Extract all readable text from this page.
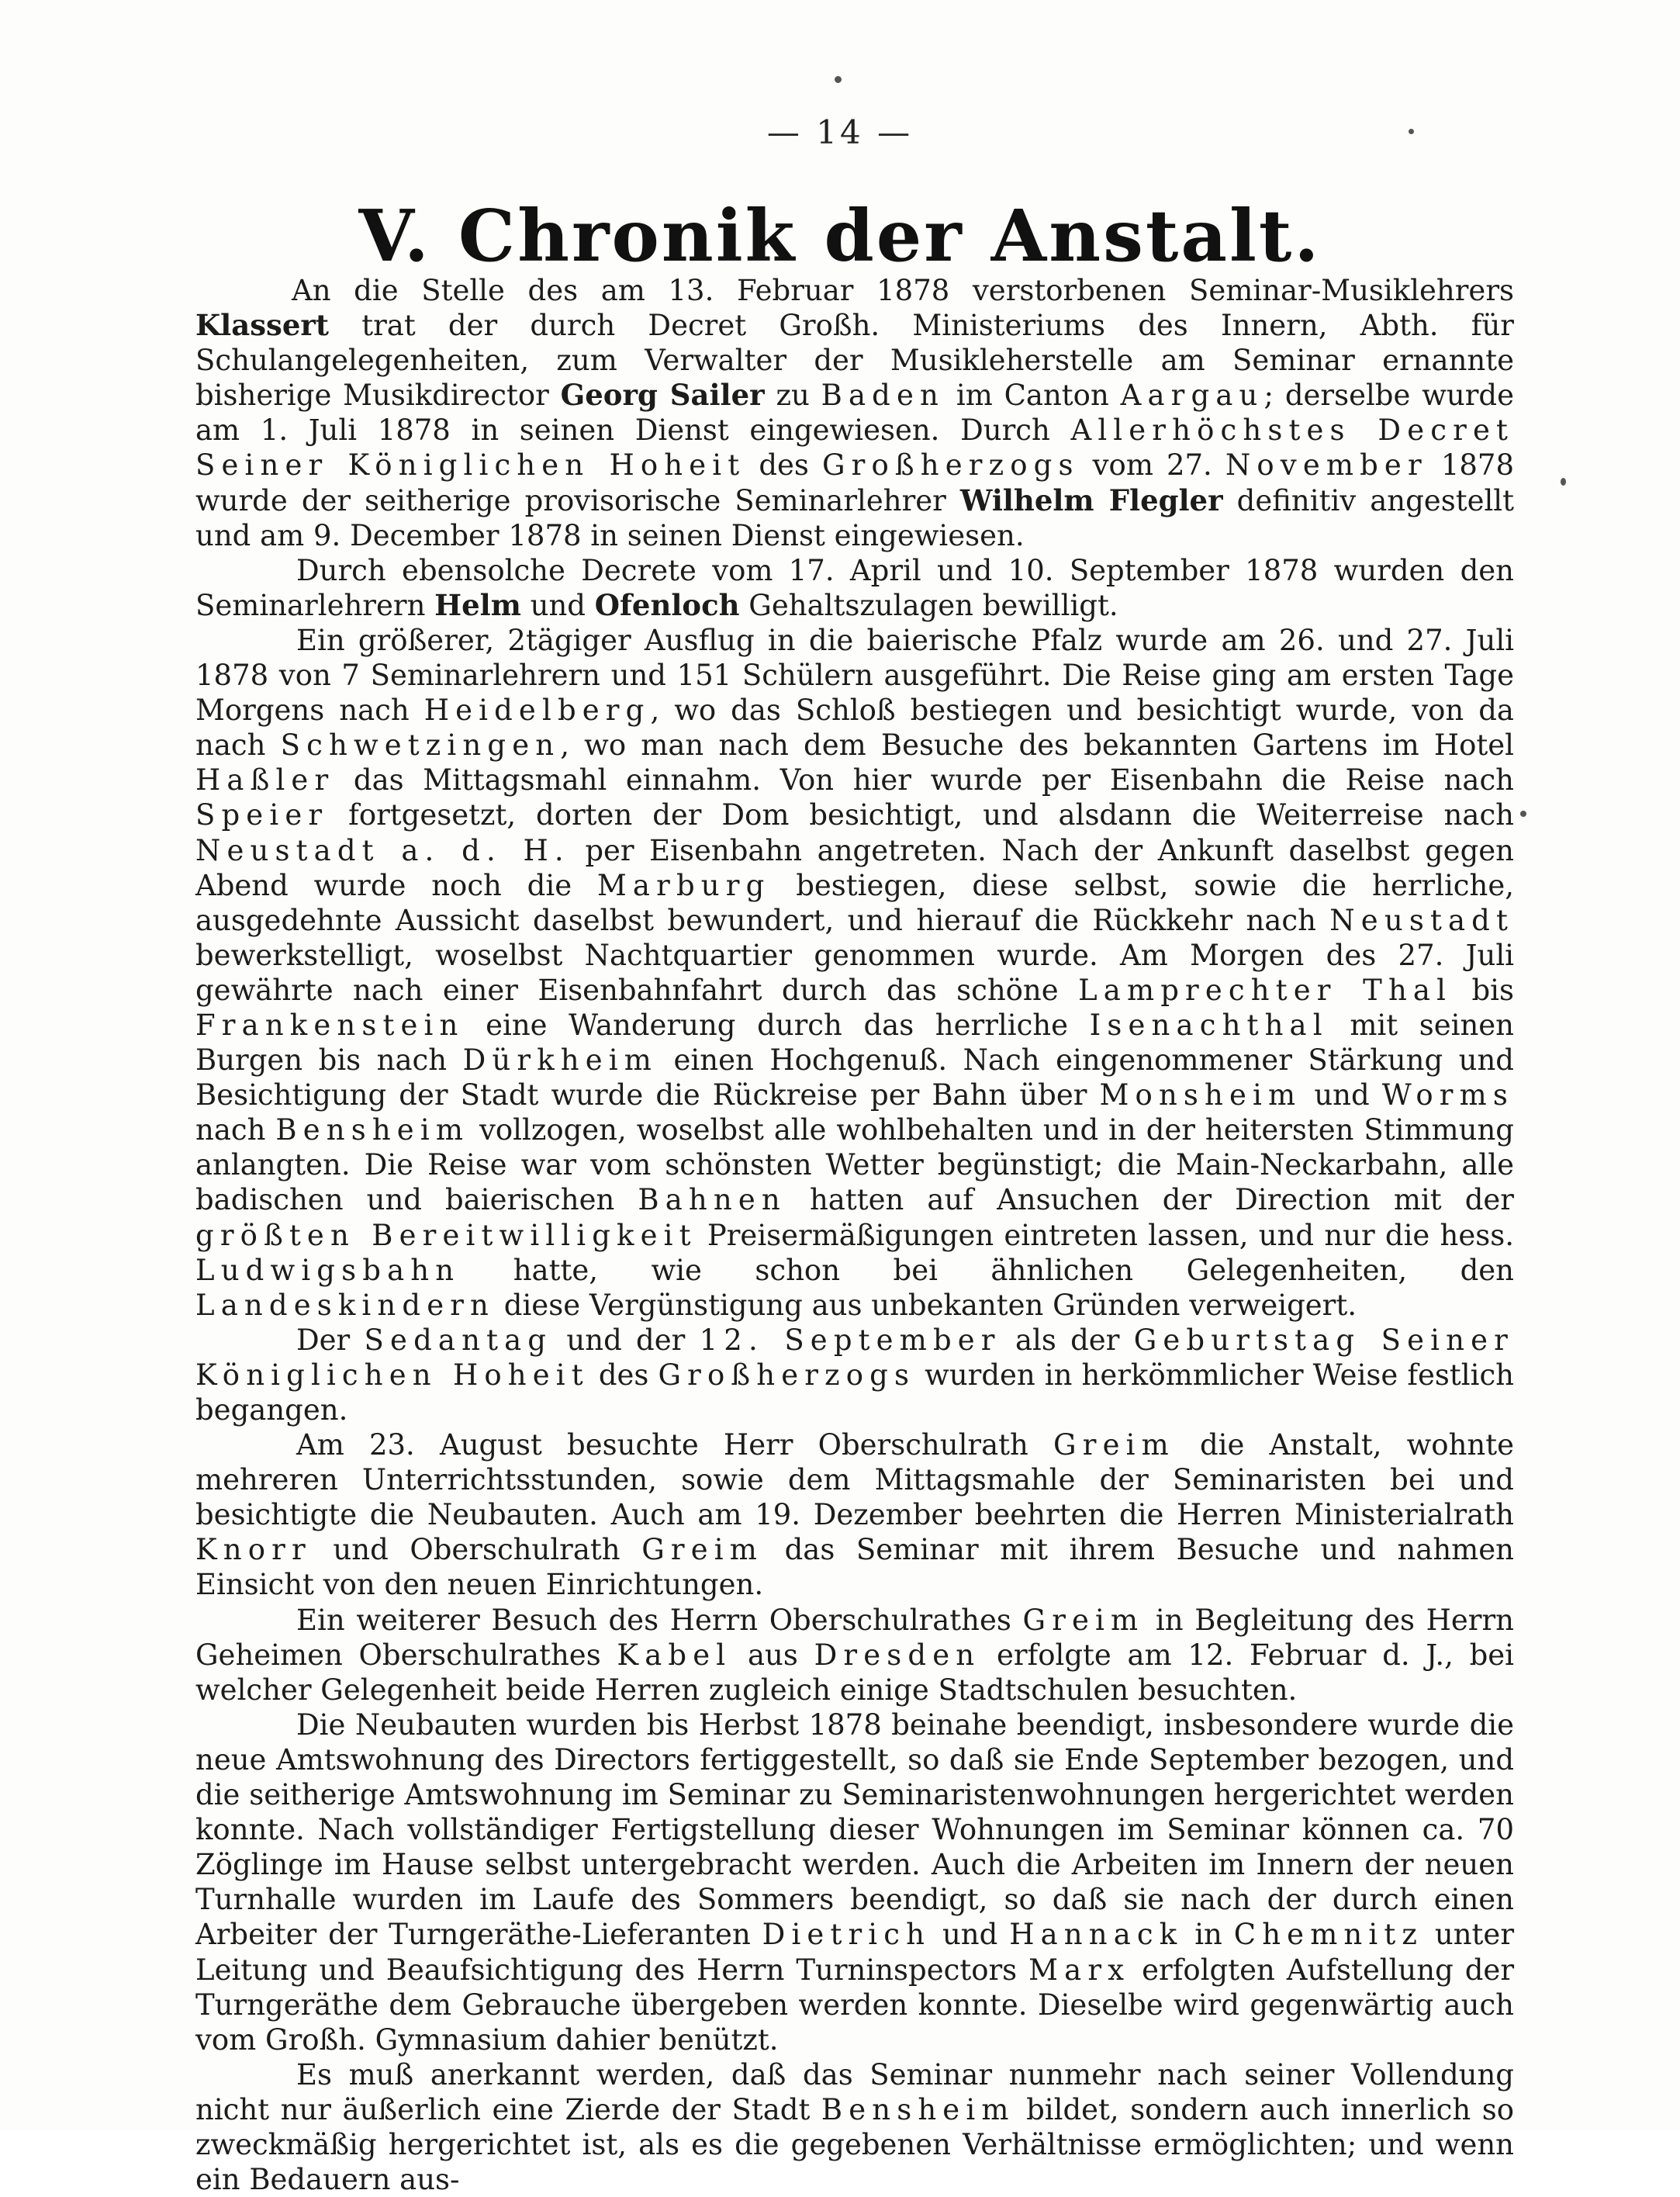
— 14 —
V. Chronik der Anstalt.

An die Stelle des am 13. Februar 1878 verstorbenen Seminar-Musiklehrers Klassert trat der durch Decret Großh. Ministeriums des Innern, Abth. für Schulangelegenheiten, zum Verwalter der Musikleherstelle am Seminar ernannte bisherige Musikdirector Georg Sailer zu Baden im Canton Aargau; derselbe wurde am 1. Juli 1878 in seinen Dienst eingewiesen. Durch Allerhöchstes Decret Seiner Königlichen Hoheit des Großherzogs vom 27. November 1878 wurde der seitherige provisorische Seminarlehrer Wilhelm Flegler definitiv angestellt und am 9. December 1878 in seinen Dienst eingewiesen.

Durch ebensolche Decrete vom 17. April und 10. September 1878 wurden den Seminarlehrern Helm und Ofenloch Gehaltszulagen bewilligt.

Ein größerer, 2tägiger Ausflug in die baierische Pfalz wurde am 26. und 27. Juli 1878 von 7 Seminarlehrern und 151 Schülern ausgeführt. Die Reise ging am ersten Tage Morgens nach Heidelberg, wo das Schloß bestiegen und besichtigt wurde, von da nach Schwetzingen, wo man nach dem Besuche des bekannten Gartens im Hotel Haßler das Mittagsmahl einnahm. Von hier wurde per Eisenbahn die Reise nach Speier fortgesetzt, dorten der Dom besichtigt, und alsdann die Weiterreise nach Neustadt a. d. H. per Eisenbahn angetreten. Nach der Ankunft daselbst gegen Abend wurde noch die Marburg bestiegen, diese selbst, sowie die herrliche, ausgedehnte Aussicht daselbst bewundert, und hierauf die Rückkehr nach Neustadt bewerkstelligt, woselbst Nachtquartier genommen wurde. Am Morgen des 27. Juli gewährte nach einer Eisenbahnfahrt durch das schöne Lamprechter Thal bis Frankenstein eine Wanderung durch das herrliche Isenachthal mit seinen Burgen bis nach Dürkheim einen Hochgenuß. Nach eingenommener Stärkung und Besichtigung der Stadt wurde die Rückreise per Bahn über Monsheim und Worms nach Bensheim vollzogen, woselbst alle wohlbehalten und in der heitersten Stimmung anlangten. Die Reise war vom schönsten Wetter begünstigt; die Main-Neckarbahn, alle badischen und baierischen Bahnen hatten auf Ansuchen der Direction mit der größten Bereitwilligkeit Preisermäßigungen eintreten lassen, und nur die hess. Ludwigsbahn hatte, wie schon bei ähnlichen Gelegenheiten, den Landeskindern diese Vergünstigung aus unbekanten Gründen verweigert.

Der Sedantag und der 12. September als der Geburtstag Seiner Königlichen Hoheit des Großherzogs wurden in herkömmlicher Weise festlich begangen.

Am 23. August besuchte Herr Oberschulrath Greim die Anstalt, wohnte mehreren Unterrichtsstunden, sowie dem Mittagsmahle der Seminaristen bei und besichtigte die Neubauten. Auch am 19. Dezember beehrten die Herren Ministerialrath Knorr und Oberschulrath Greim das Seminar mit ihrem Besuche und nahmen Einsicht von den neuen Einrichtungen.

Ein weiterer Besuch des Herrn Oberschulrathes Greim in Begleitung des Herrn Geheimen Oberschulrathes Kabel aus Dresden erfolgte am 12. Februar d. J., bei welcher Gelegenheit beide Herren zugleich einige Stadtschulen besuchten.

Die Neubauten wurden bis Herbst 1878 beinahe beendigt, insbesondere wurde die neue Amtswohnung des Directors fertiggestellt, so daß sie Ende September bezogen, und die seitherige Amtswohnung im Seminar zu Seminaristenwohnungen hergerichtet werden konnte. Nach vollständiger Fertigstellung dieser Wohnungen im Seminar können ca. 70 Zöglinge im Hause selbst untergebracht werden. Auch die Arbeiten im Innern der neuen Turnhalle wurden im Laufe des Sommers beendigt, so daß sie nach der durch einen Arbeiter der Turngeräthe-Lieferanten Dietrich und Hannack in Chemnitz unter Leitung und Beaufsichtigung des Herrn Turninspectors Marx erfolgten Aufstellung der Turngeräthe dem Gebrauche übergeben werden konnte. Dieselbe wird gegenwärtig auch vom Großh. Gymnasium dahier benützt.

Es muß anerkannt werden, daß das Seminar nunmehr nach seiner Vollendung nicht nur äußerlich eine Zierde der Stadt Bensheim bildet, sondern auch innerlich so zweckmäßig hergerichtet ist, als es die gegebenen Verhältnisse ermöglichten; und wenn ein Bedauern aus-
